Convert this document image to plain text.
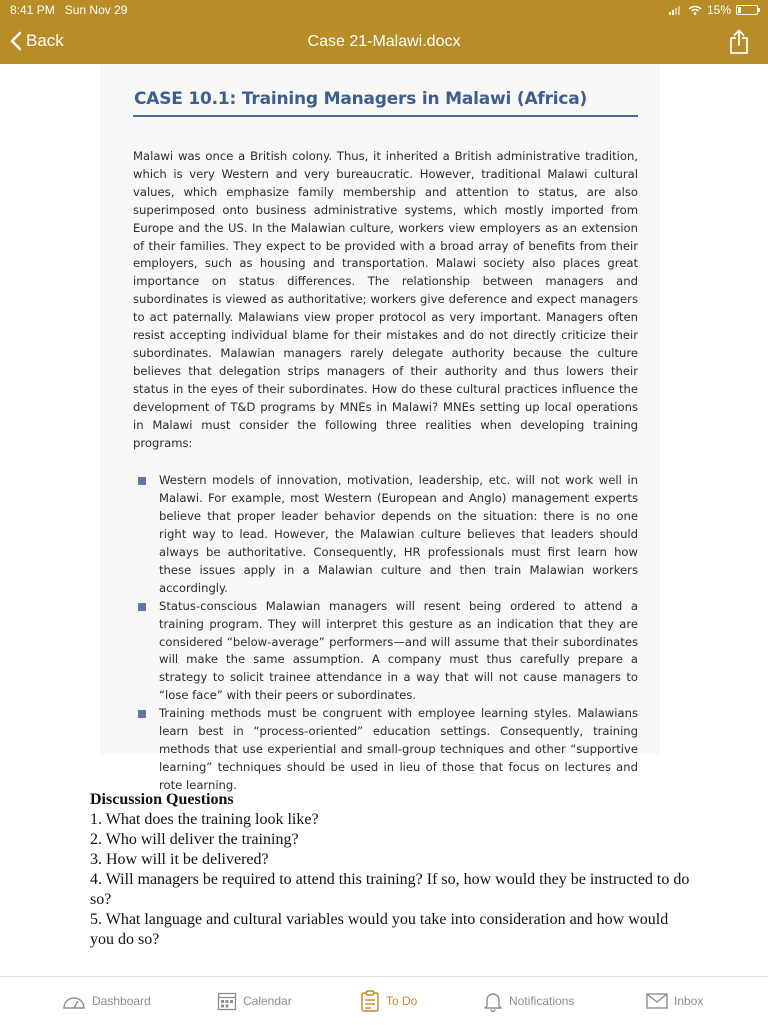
8:41 PM Sun Nov 29	15%
Back	Case 21-Malawi.docx
CASE 10.1: Training Managers in Malawi (Africa)

Malawi was once a British colony. Thus, it inherited a British administrative tradition, which is very Western and very bureaucratic. However, traditional Malawi cultural values, which emphasize family membership and attention to status, are also superimposed onto business administrative systems, which mostly imported from Europe and the US. In the Malawian culture, workers view employers as an extension of their families. They expect to be provided with a broad array of benefits from their employers, such as housing and transportation. Malawi society also places great importance on status differences. The relationship between managers and subordinates is viewed as authoritative; workers give deference and expect managers to act paternally. Malawians view proper protocol as very important. Managers often resist accepting individual blame for their mistakes and do not directly criticize their subordinates. Malawian managers rarely delegate authority because the culture believes that delegation strips managers of their authority and thus lowers their status in the eyes of their subordinates. How do these cultural practices influence the development of T&D programs by MNEs in Malawi? MNEs setting up local operations in Malawi must consider the following three realities when developing training programs:

Western models of innovation, motivation, leadership, etc. will not work well in Malawi. For example, most Western (European and Anglo) management experts believe that proper leader behavior depends on the situation: there is no one right way to lead. However, the Malawian culture believes that leaders should always be authoritative. Consequently, HR professionals must first learn how these issues apply in a Malawian culture and then train Malawian workers accordingly.
Status-conscious Malawian managers will resent being ordered to attend a training program. They will interpret this gesture as an indication that they are considered “below-average” performers—and will assume that their subordinates will make the same assumption. A company must thus carefully prepare a strategy to solicit trainee attendance in a way that will not cause managers to “lose face” with their peers or subordinates.
Training methods must be congruent with employee learning styles. Malawians learn best in “process-oriented” education settings. Consequently, training methods that use experiential and small-group techniques and other “supportive learning” techniques should be used in lieu of those that focus on lectures and rote learning.
Discussion Questions
1. What does the training look like?
2. Who will deliver the training?
3. How will it be delivered?
4. Will managers be required to attend this training? If so, how would they be instructed to do so?
5. What language and cultural variables would you take into consideration and how would you do so?
Dashboard	Calendar	To Do	Notifications	Inbox
